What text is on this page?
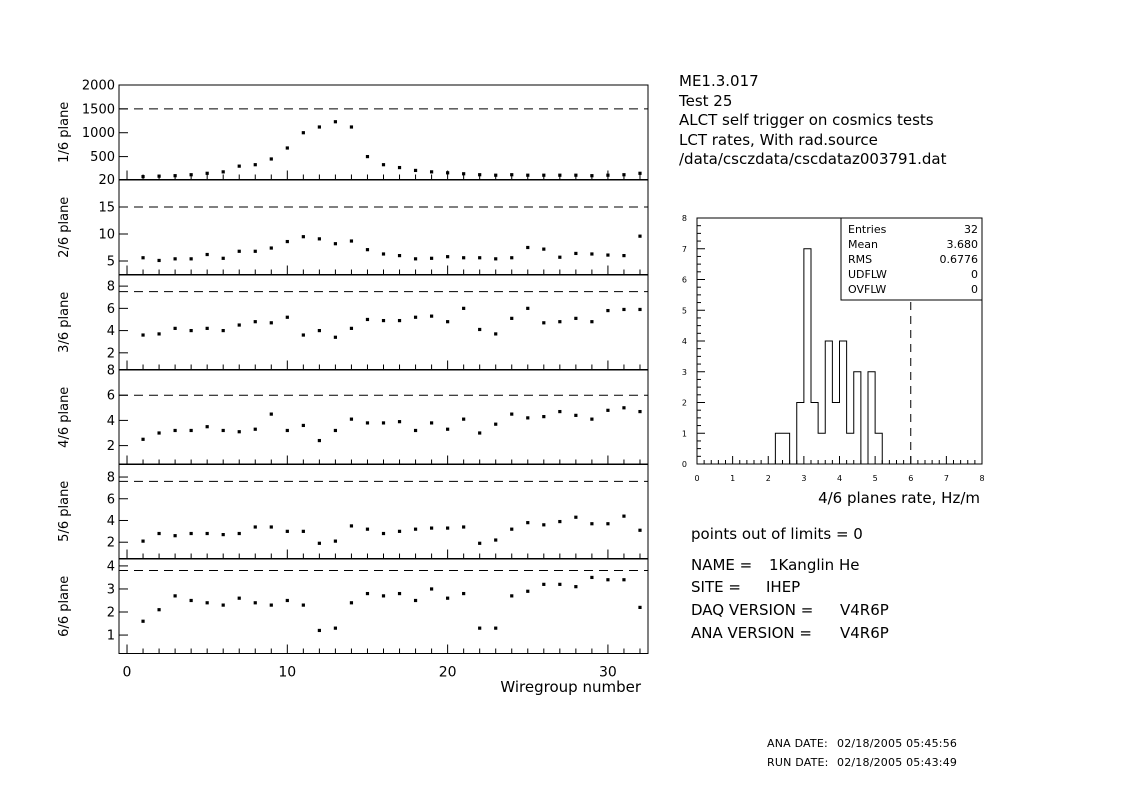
2000
1500
1000
500
20
1/6 plane
15
10
5
2/6 plane
8
6
4
2
3/6 plane
8
6
4
2
4/6 plane
8
6
4
2
5/6 plane
4
3
2
1
6/6 plane
0	10	20	30
Wiregroup number
0	1	2	3	4	5	6	7	8
0
1
2
3
4
5
6
7
8
Entries	32
Mean	3.680
RMS	0.6776
UDFLW	0
OVFLW	0
4/6 planes rate, Hz/m
ME1.3.017
Test 25
ALCT self trigger on cosmics tests
LCT rates, With rad.source
/data/csczdata/cscdataz003791.dat
points out of limits = 0
NAME = 1Kanglin He
SITE = IHEP
DAQ VERSION = V4R6P
ANA VERSION = V4R6P
ANA DATE: 02/18/2005 05:45:56
RUN DATE: 02/18/2005 05:43:49
